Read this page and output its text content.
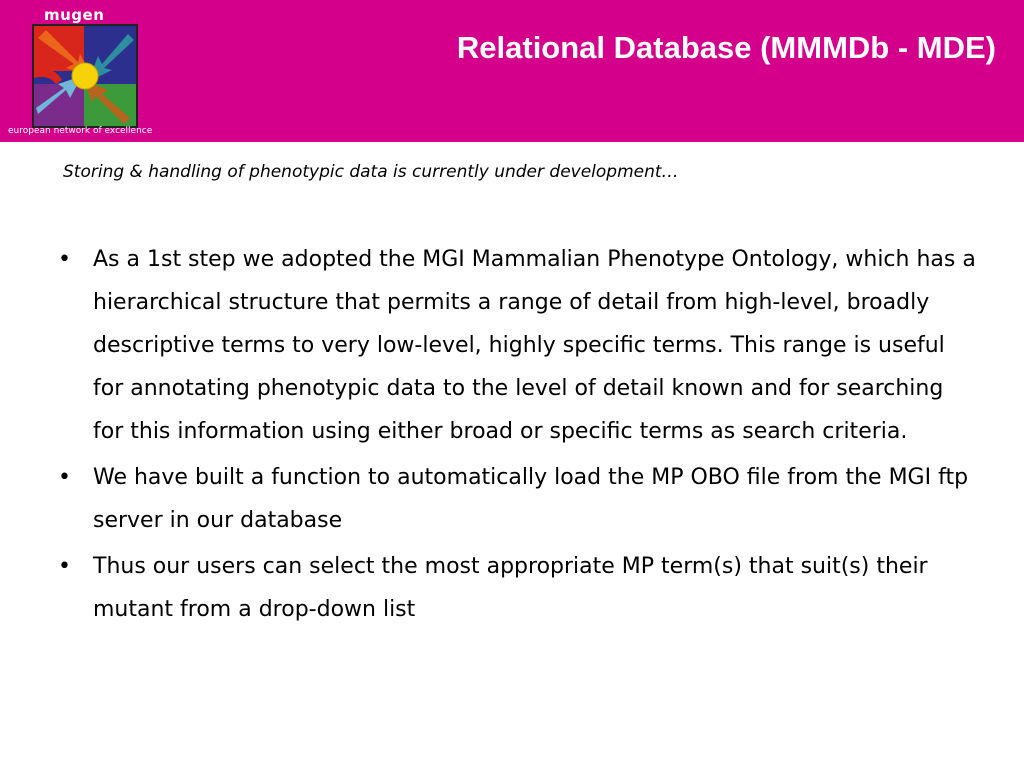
mugen
european network of excellence
Relational Database (MMMDb - MDE)
Storing & handling of phenotypic data is currently under development…
• As a 1st step we adopted the MGI Mammalian Phenotype Ontology, which has a hierarchical structure that permits a range of detail from high-level, broadly descriptive terms to very low-level, highly specific terms. This range is useful for annotating phenotypic data to the level of detail known and for searching for this information using either broad or specific terms as search criteria.
• We have built a function to automatically load the MP OBO file from the MGI ftp server in our database
• Thus our users can select the most appropriate MP term(s) that suit(s) their mutant from a drop-down list
